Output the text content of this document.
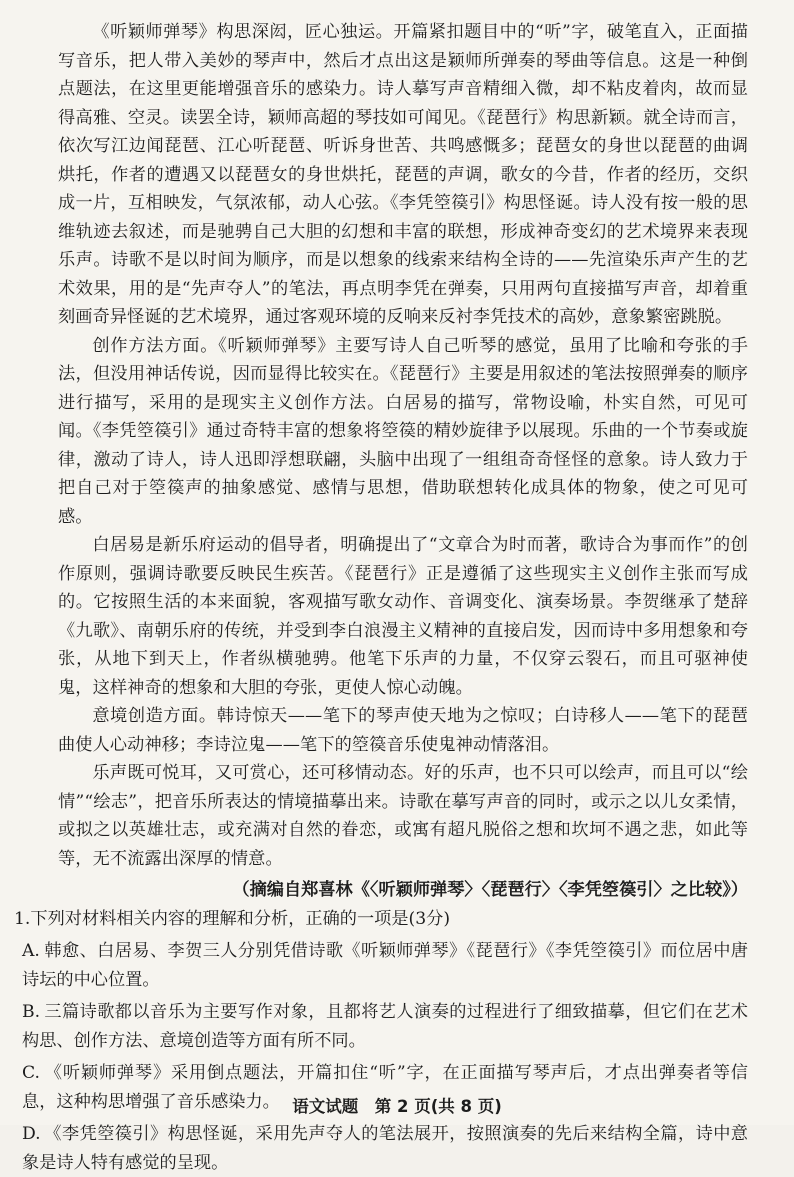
《听颖师弹琴》构思深闳，匠心独运。开篇紧扣题目中的“听”字，破笔直入，正面描写音乐，把人带入美妙的琴声中，然后才点出这是颖师所弹奏的琴曲等信息。这是一种倒点题法，在这里更能增强音乐的感染力。诗人摹写声音精细入微，却不粘皮着肉，故而显得高雅、空灵。读罢全诗，颖师高超的琴技如可闻见。《琵琶行》构思新颖。就全诗而言，依次写江边闻琵琶、江心听琵琶、听诉身世苦、共鸣感慨多；琵琶女的身世以琵琶的曲调烘托，作者的遭遇又以琵琶女的身世烘托，琵琶的声调，歌女的今昔，作者的经历，交织成一片，互相映发，气氛浓郁，动人心弦。《李凭箜篌引》构思怪诞。诗人没有按一般的思维轨迹去叙述，而是驰骋自己大胆的幻想和丰富的联想，形成神奇变幻的艺术境界来表现乐声。诗歌不是以时间为顺序，而是以想象的线索来结构全诗的——先渲染乐声产生的艺术效果，用的是“先声夺人”的笔法，再点明李凭在弹奏，只用两句直接描写声音，却着重刻画奇异怪诞的艺术境界，通过客观环境的反响来反衬李凭技术的高妙，意象繁密跳脱。

创作方法方面。《听颖师弹琴》主要写诗人自己听琴的感觉，虽用了比喻和夸张的手法，但没用神话传说，因而显得比较实在。《琵琶行》主要是用叙述的笔法按照弹奏的顺序进行描写，采用的是现实主义创作方法。白居易的描写，常物设喻，朴实自然，可见可闻。《李凭箜篌引》通过奇特丰富的想象将箜篌的精妙旋律予以展现。乐曲的一个节奏或旋律，激动了诗人，诗人迅即浮想联翩，头脑中出现了一组组奇奇怪怪的意象。诗人致力于把自己对于箜篌声的抽象感觉、感情与思想，借助联想转化成具体的物象，使之可见可感。

白居易是新乐府运动的倡导者，明确提出了“文章合为时而著，歌诗合为事而作”的创作原则，强调诗歌要反映民生疾苦。《琵琶行》正是遵循了这些现实主义创作主张而写成的。它按照生活的本来面貌，客观描写歌女动作、音调变化、演奏场景。李贺继承了楚辞《九歌》、南朝乐府的传统，并受到李白浪漫主义精神的直接启发，因而诗中多用想象和夸张，从地下到天上，作者纵横驰骋。他笔下乐声的力量，不仅穿云裂石，而且可驱神使鬼，这样神奇的想象和大胆的夸张，更使人惊心动魄。

意境创造方面。韩诗惊天——笔下的琴声使天地为之惊叹；白诗移人——笔下的琵琶曲使人心动神移；李诗泣鬼——笔下的箜篌音乐使鬼神动情落泪。

乐声既可悦耳，又可赏心，还可移情动态。好的乐声，也不只可以绘声，而且可以“绘情”“绘志”，把音乐所表达的情境描摹出来。诗歌在摹写声音的同时，或示之以儿女柔情，或拟之以英雄壮志，或充满对自然的眷恋，或寓有超凡脱俗之想和坎坷不遇之悲，如此等等，无不流露出深厚的情意。

（摘编自郑喜林《〈听颖师弹琴〉〈琵琶行〉〈李凭箜篌引〉之比较》）

1.下列对材料相关内容的理解和分析，正确的一项是(3分)

A. 韩愈、白居易、李贺三人分别凭借诗歌《听颖师弹琴》《琵琶行》《李凭箜篌引》而位居中唐诗坛的中心位置。
B. 三篇诗歌都以音乐为主要写作对象，且都将艺人演奏的过程进行了细致描摹，但它们在艺术构思、创作方法、意境创造等方面有所不同。
C. 《听颖师弹琴》采用倒点题法，开篇扣住“听”字，在正面描写琴声后，才点出弹奏者等信息，这种构思增强了音乐感染力。
D. 《李凭箜篌引》构思怪诞，采用先声夺人的笔法展开，按照演奏的先后来结构全篇，诗中意象是诗人特有感觉的呈现。
语文试题　第 2 页(共 8 页)
